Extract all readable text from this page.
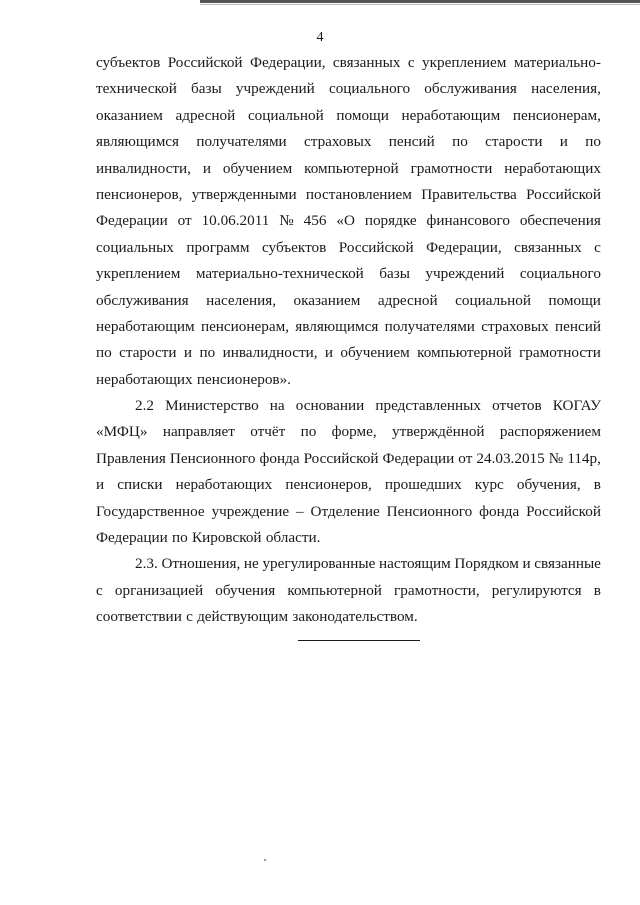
4
субъектов Российской Федерации, связанных с укреплением материально-
технической базы учреждений социального обслуживания населения,
оказанием адресной социальной помощи неработающим пенсионерам,
являющимся получателями страховых пенсий по старости и по
инвалидности, и обучением компьютерной грамотности неработающих
пенсионеров, утвержденными постановлением Правительства Российской
Федерации от 10.06.2011 № 456 «О порядке финансового обеспечения
социальных программ субъектов Российской Федерации, связанных с
укреплением материально-технической базы учреждений социального
обслуживания населения, оказанием адресной социальной помощи
неработающим пенсионерам, являющимся получателями страховых пенсий
по старости и по инвалидности, и обучением компьютерной грамотности
неработающих пенсионеров».
2.2 Министерство на основании представленных отчетов КОГАУ
«МФЦ» направляет отчёт по форме, утверждённой распоряжением
Правления Пенсионного фонда Российской Федерации от 24.03.2015 № 114р,
и списки неработающих пенсионеров, прошедших курс обучения, в
Государственное учреждение – Отделение Пенсионного фонда Российской
Федерации по Кировской области.
2.3. Отношения, не урегулированные настоящим Порядком и связанные
с организацией обучения компьютерной грамотности, регулируются в
соответствии с действующим законодательством.
